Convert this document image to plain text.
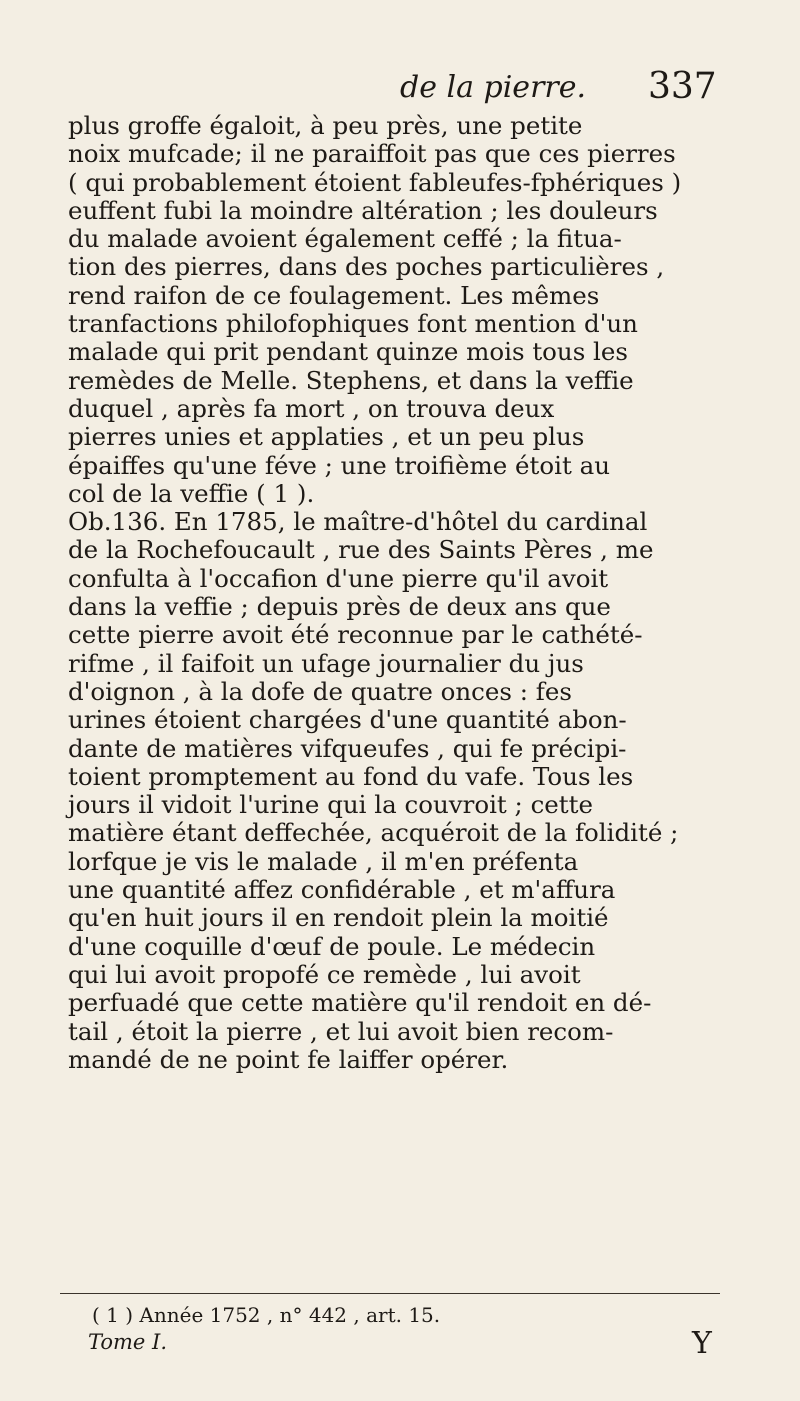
de la pierre. 337
plus groffe égaloit, à peu près, une petite
noix mufcade; il ne paraiffoit pas que ces pierres
( qui probablement étoient fableufes-fphériques )
euffent fubi la moindre altération ; les douleurs
du malade avoient également ceffé ; la fitua-
tion des pierres, dans des poches particulières ,
rend raifon de ce foulagement. Les mêmes
tranfactions philofophiques font mention d'un
malade qui prit pendant quinze mois tous les
remèdes de Melle. Stephens, et dans la veffie
duquel , après fa mort , on trouva deux
pierres unies et applaties , et un peu plus
épaiffes qu'une féve ; une troifième étoit au
col de la veffie ( 1 ).
Ob.136. En 1785, le maître-d'hôtel du cardinal
de la Rochefoucault , rue des Saints Pères , me
confulta à l'occafion d'une pierre qu'il avoit
dans la veffie ; depuis près de deux ans que
cette pierre avoit été reconnue par le cathété-
rifme , il faifoit un ufage journalier du jus
d'oignon , à la dofe de quatre onces : fes
urines étoient chargées d'une quantité abon-
dante de matières vifqueufes , qui fe précipi-
toient promptement au fond du vafe. Tous les
jours il vidoit l'urine qui la couvroit ; cette
matière étant deffechée, acquéroit de la folidité ;
lorfque je vis le malade , il m'en préfenta
une quantité affez confidérable , et m'affura
qu'en huit jours il en rendoit plein la moitié
d'une coquille d'œuf de poule. Le médecin
qui lui avoit propofé ce remède , lui avoit
perfuadé que cette matière qu'il rendoit en dé-
tail , étoit la pierre , et lui avoit bien recom-
mandé de ne point fe laiffer opérer.
( 1 ) Année 1752 , n° 442 , art. 15.
Tome I.	Y
